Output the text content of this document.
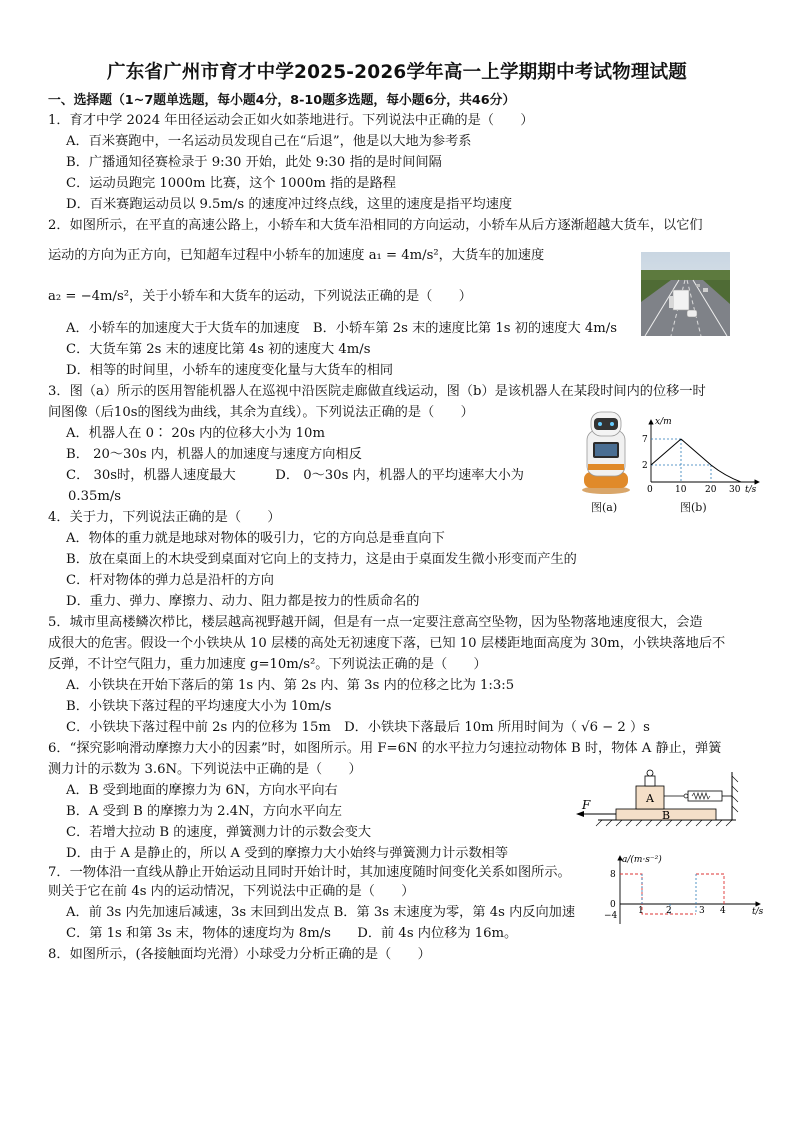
广东省广州市育才中学2025-2026学年高一上学期期中考试物理试题
一、选择题（1~7题单选题，每小题4分，8-10题多选题，每小题6分，共46分）
1．育才中学 2024 年田径运动会正如火如荼地进行。下列说法中正确的是（　　）
A．百米赛跑中，一名运动员发现自己在“后退”，他是以大地为参考系
B．广播通知径赛检录于 9:30 开始，此处 9:30 指的是时间间隔
C．运动员跑完 1000m 比赛，这个 1000m 指的是路程
D．百米赛跑运动员以 9.5m/s 的速度冲过终点线，这里的速度是指平均速度
2．如图所示，在平直的高速公路上，小轿车和大货车沿相同的方向运动，小轿车从后方逐渐超越大货车，以它们
运动的方向为正方向，已知超车过程中小轿车的加速度 a₁ = 4m/s²，大货车的加速度
a₂ = −4m/s²，关于小轿车和大货车的运动，下列说法正确的是（　　）
A．小轿车的加速度大于大货车的加速度　B．小轿车第 2s 末的速度比第 1s 初的速度大 4m/s
C．大货车第 2s 末的速度比第 4s 初的速度大 4m/s
D．相等的时间里，小轿车的速度变化量与大货车的相同
3．图（a）所示的医用智能机器人在巡视中沿医院走廊做直线运动，图（b）是该机器人在某段时间内的位移一时
间图像（后10s的图线为曲线，其余为直线）。下列说法正确的是（　　）
A．机器人在 0∶ 20s 内的位移大小为 10m
B． 20～30s 内，机器人的加速度与速度方向相反
C． 30s时，机器人速度最大　　　D． 0～30s 内，机器人的平均速率大小为
0.35m/s
图(a)
x/m
t/s
7
2
0 10 20 30
图(b)
4．关于力，下列说法正确的是（　　）
A．物体的重力就是地球对物体的吸引力，它的方向总是垂直向下
B．放在桌面上的木块受到桌面对它向上的支持力，这是由于桌面发生微小形变而产生的
C．杆对物体的弹力总是沿杆的方向
D．重力、弹力、摩擦力、动力、阻力都是按力的性质命名的
5．城市里高楼鳞次栉比，楼层越高视野越开阔，但是有一点一定要注意高空坠物，因为坠物落地速度很大，会造
成很大的危害。假设一个小铁块从 10 层楼的高处无初速度下落，已知 10 层楼距地面高度为 30m，小铁块落地后不
反弹，不计空气阻力，重力加速度 g=10m/s²。下列说法正确的是（　　）
A．小铁块在开始下落后的第 1s 内、第 2s 内、第 3s 内的位移之比为 1:3:5
B．小铁块下落过程的平均速度大小为 10m/s
C．小铁块下落过程中前 2s 内的位移为 15m　D．小铁块下落最后 10m 所用时间为（ √6 − 2 ）s
6．“探究影响滑动摩擦力大小的因素”时，如图所示。用 F=6N 的水平拉力匀速拉动物体 B 时，物体 A 静止，弹簧
测力计的示数为 3.6N。下列说法中正确的是（　　）
A．B 受到地面的摩擦力为 6N，方向水平向右
B．A 受到 B 的摩擦力为 2.4N，方向水平向左
C．若增大拉动 B 的速度，弹簧测力计的示数会变大
D．由于 A 是静止的，所以 A 受到的摩擦力大小始终与弹簧测力计示数相等
F	A
B
7．一物体沿一直线从静止开始运动且同时开始计时，其加速度随时间变化关系如图所示。
则关于它在前 4s 内的运动情况，下列说法中正确的是（　　）
A．前 3s 内先加速后减速，3s 末回到出发点 B．第 3s 末速度为零，第 4s 内反向加速
C．第 1s 和第 3s 末，物体的速度均为 8m/s　　D．前 4s 内位移为 16m。
a/(m·s⁻²)
t/s
8
0
−4 1 2	3 4
8．如图所示，(各接触面均光滑）小球受力分析正确的是（　　）
